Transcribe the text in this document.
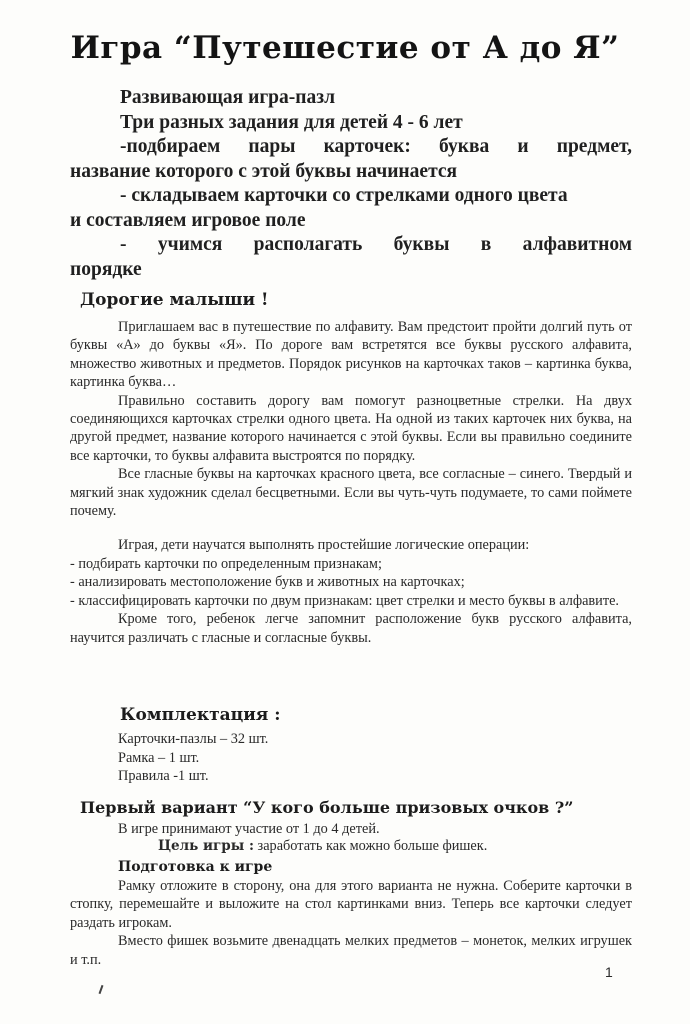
Игра “Путешестие от А до Я”

Развивающая игра-пазл

Три разных задания для детей 4 - 6 лет

-подбираем пары карточек: буква и предмет,

название которого с этой буквы начинается

- складываем карточки со стрелками одного цвета

и составляем игровое поле

- учимся располагать буквы в алфавитном

порядке

Дорогие малыши !

Приглашаем вас в путешествие по алфавиту. Вам предстоит пройти долгий путь от буквы «А» до буквы «Я». По дороге вам встретятся все буквы русского алфавита, множество животных и предметов. Порядок рисунков на карточках таков – картинка буква, картинка буква…

Правильно составить дорогу вам помогут разноцветные стрелки. На двух соединяющихся карточках стрелки одного цвета. На одной из таких карточек них буква, на другой предмет, название которого начинается с этой буквы. Если вы правильно соедините все карточки, то буквы алфавита выстроятся по порядку.

Все гласные буквы на карточках красного цвета, все согласные – синего. Твердый и мягкий знак художник сделал бесцветными. Если вы чуть-чуть подумаете, то сами поймете почему.

Играя, дети научатся выполнять простейшие логические операции:

- подбирать карточки по определенным признакам;

- анализировать местоположение букв и животных на карточках;

- классифицировать карточки по двум признакам: цвет стрелки и место буквы в алфавите.

Кроме того, ребенок легче запомнит расположение букв русского алфавита, научится различать с гласные и согласные буквы.

Комплектация :
Карточки-пазлы – 32 шт.
Рамка – 1 шт.
Правила -1 шт.
Первый вариант “У кого больше призовых очков ?”
В игре принимают участие от 1 до 4 детей.
Цель игры : заработать как можно больше фишек.
Подготовка к игре

Рамку отложите в сторону, она для этого варианта не нужна. Соберите карточки в стопку, перемешайте и выложите на стол картинками вниз. Теперь все карточки следует раздать игрокам.

Вместо фишек возьмите двенадцать мелких предметов – монеток, мелких игрушек и т.п.

1
